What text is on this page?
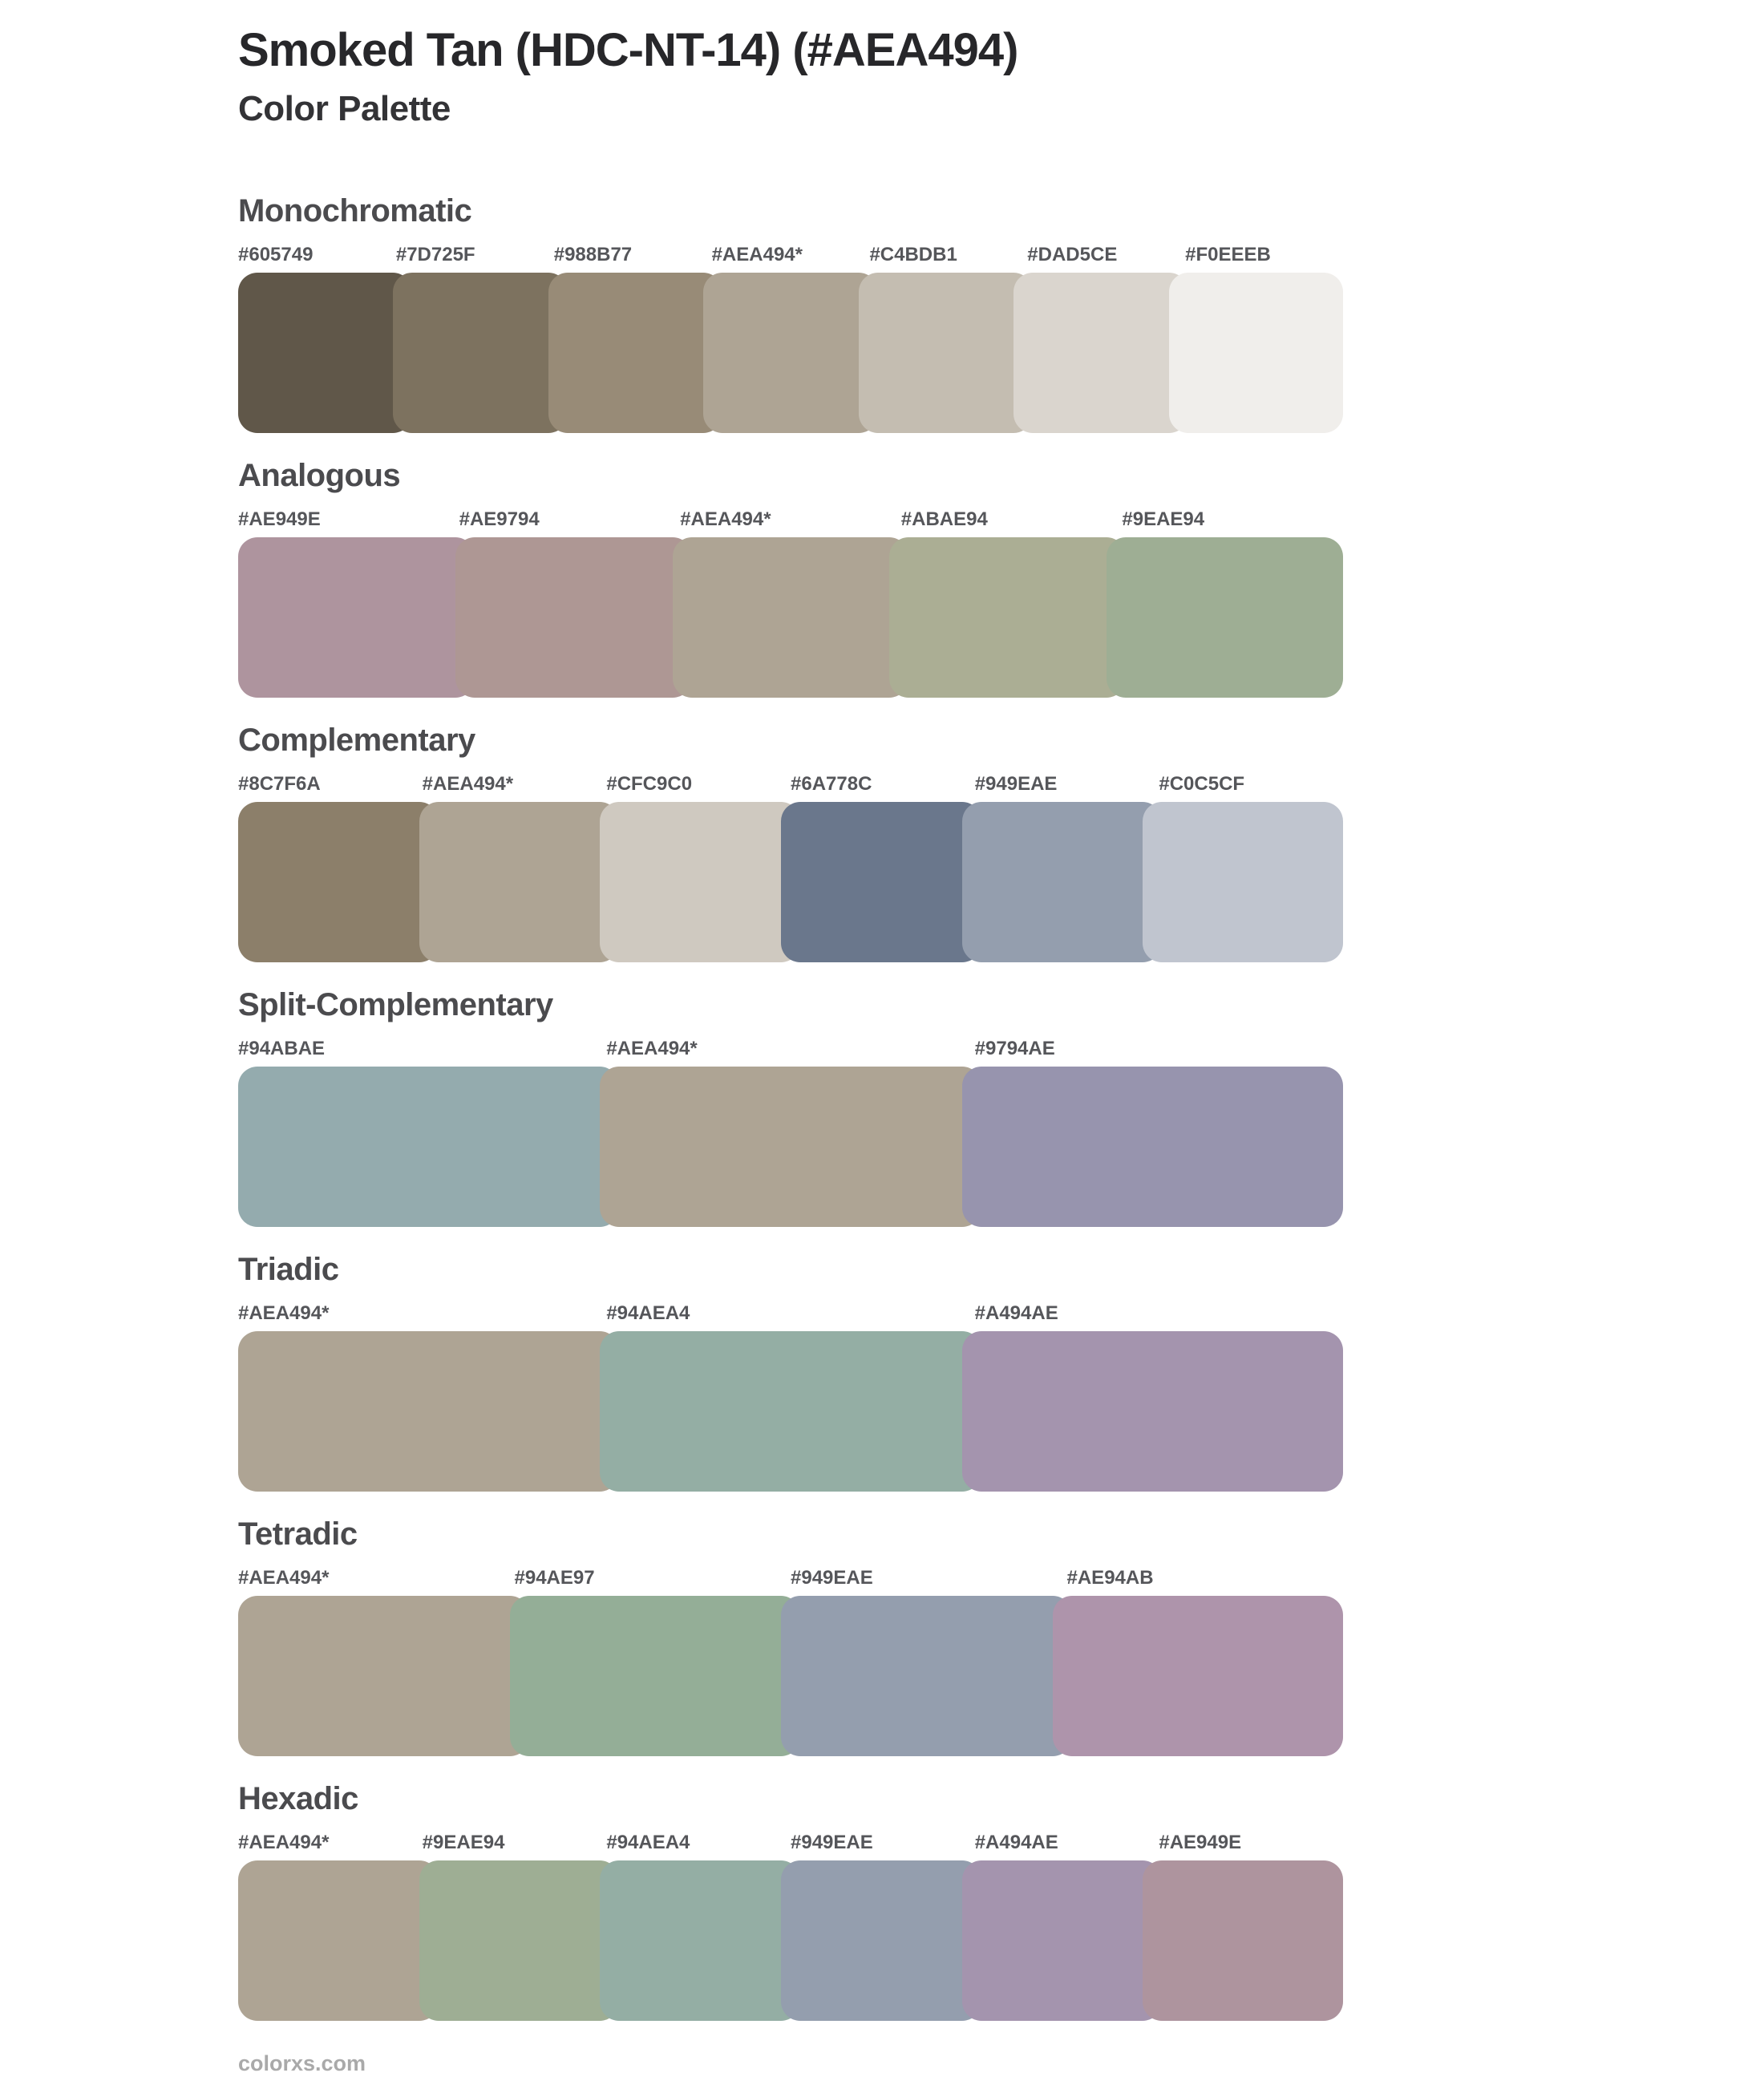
Smoked Tan (HDC-NT-14) (#AEA494)
Color Palette
Monochromatic
#605749	#7D725F	#988B77	#AEA494*	#C4BDB1	#DAD5CE	#F0EEEB
Analogous
#AE949E	#AE9794	#AEA494*	#ABAE94	#9EAE94
Complementary
#8C7F6A	#AEA494*	#CFC9C0	#6A778C	#949EAE	#C0C5CF
Split-Complementary
#94ABAE	#AEA494*	#9794AE
Triadic
#AEA494*	#94AEA4	#A494AE
Tetradic
#AEA494*	#94AE97	#949EAE	#AE94AB
Hexadic
#AEA494*	#9EAE94	#94AEA4	#949EAE	#A494AE	#AE949E
colorxs.com
